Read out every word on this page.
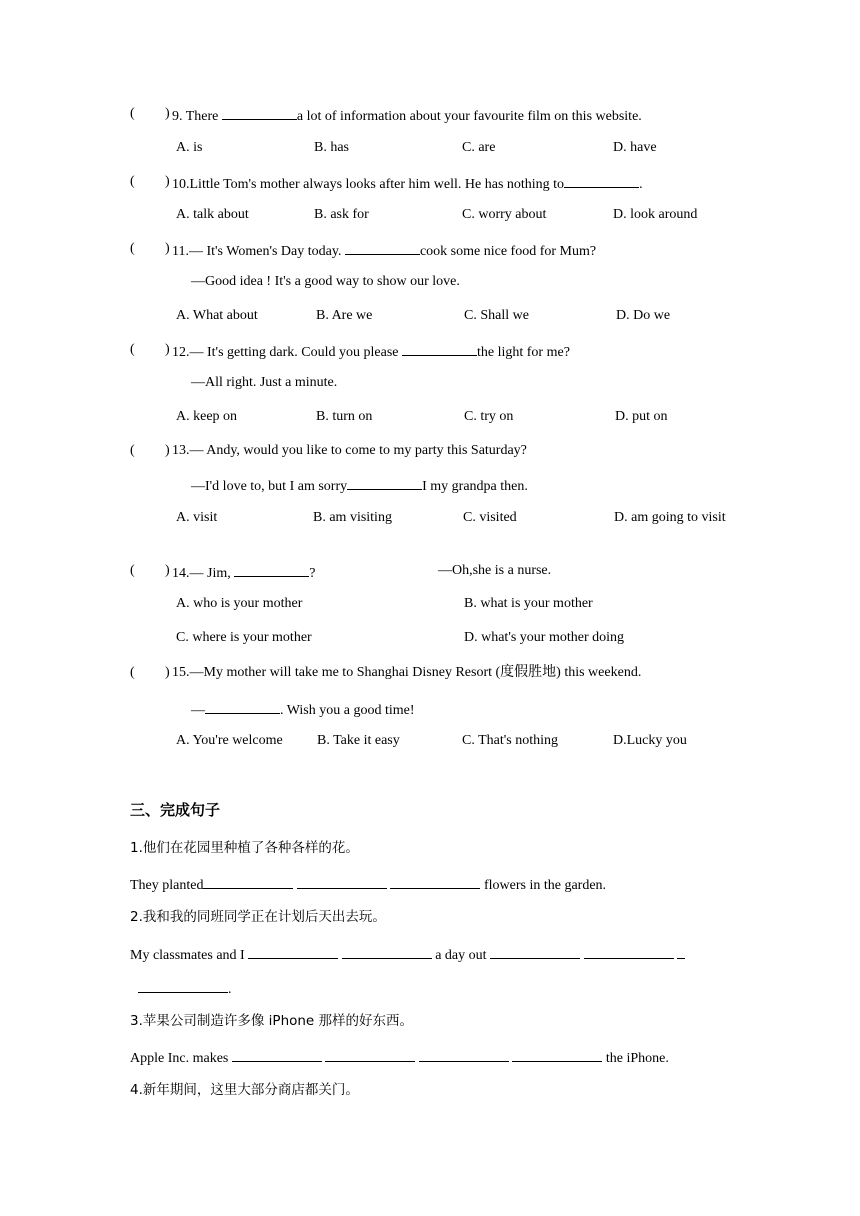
( ) 9. There	a lot of information about your favourite film on this website.
A. is	B. has	C. are	D. have
( ) 10.Little Tom's mother always looks after him well. He has nothing to	.
A. talk about	B. ask for	C. worry about	D. look around
( ) 11.— It's Women's Day today.	cook some nice food for Mum?
—Good idea ! It's a good way to show our love.
A. What about	B. Are we	C. Shall we	D. Do we
( ) 12.— It's getting dark. Could you please	the light for me?
—All right. Just a minute.
A. keep on	B. turn on	C. try on	D. put on
( ) 13.— Andy, would you like to come to my party this Saturday?
—I'd love to, but I am sorry	I my grandpa then.
A. visit	B. am visiting	C. visited	D. am going to visit
( ) 14.— Jim,	?	—Oh,she is a nurse.
A. who is your mother	B. what is your mother
C. where is your mother	D. what's your mother doing
( ) 15.—My mother will take me to Shanghai Disney Resort (度假胜地) this weekend.
—	. Wish you a good time!
A. You're welcome B. Take it easy	C. That's nothing	D.Lucky you
三、完成句子
1.他们在花园里种植了各种各样的花。
They planted	flowers in the garden.
2.我和我的同班同学正在计划后天出去玩。
My classmates and I	a day out
.
3.苹果公司制造许多像 iPhone 那样的好东西。
Apple Inc. makes	the iPhone.
4.新年期间，这里大部分商店都关门。
